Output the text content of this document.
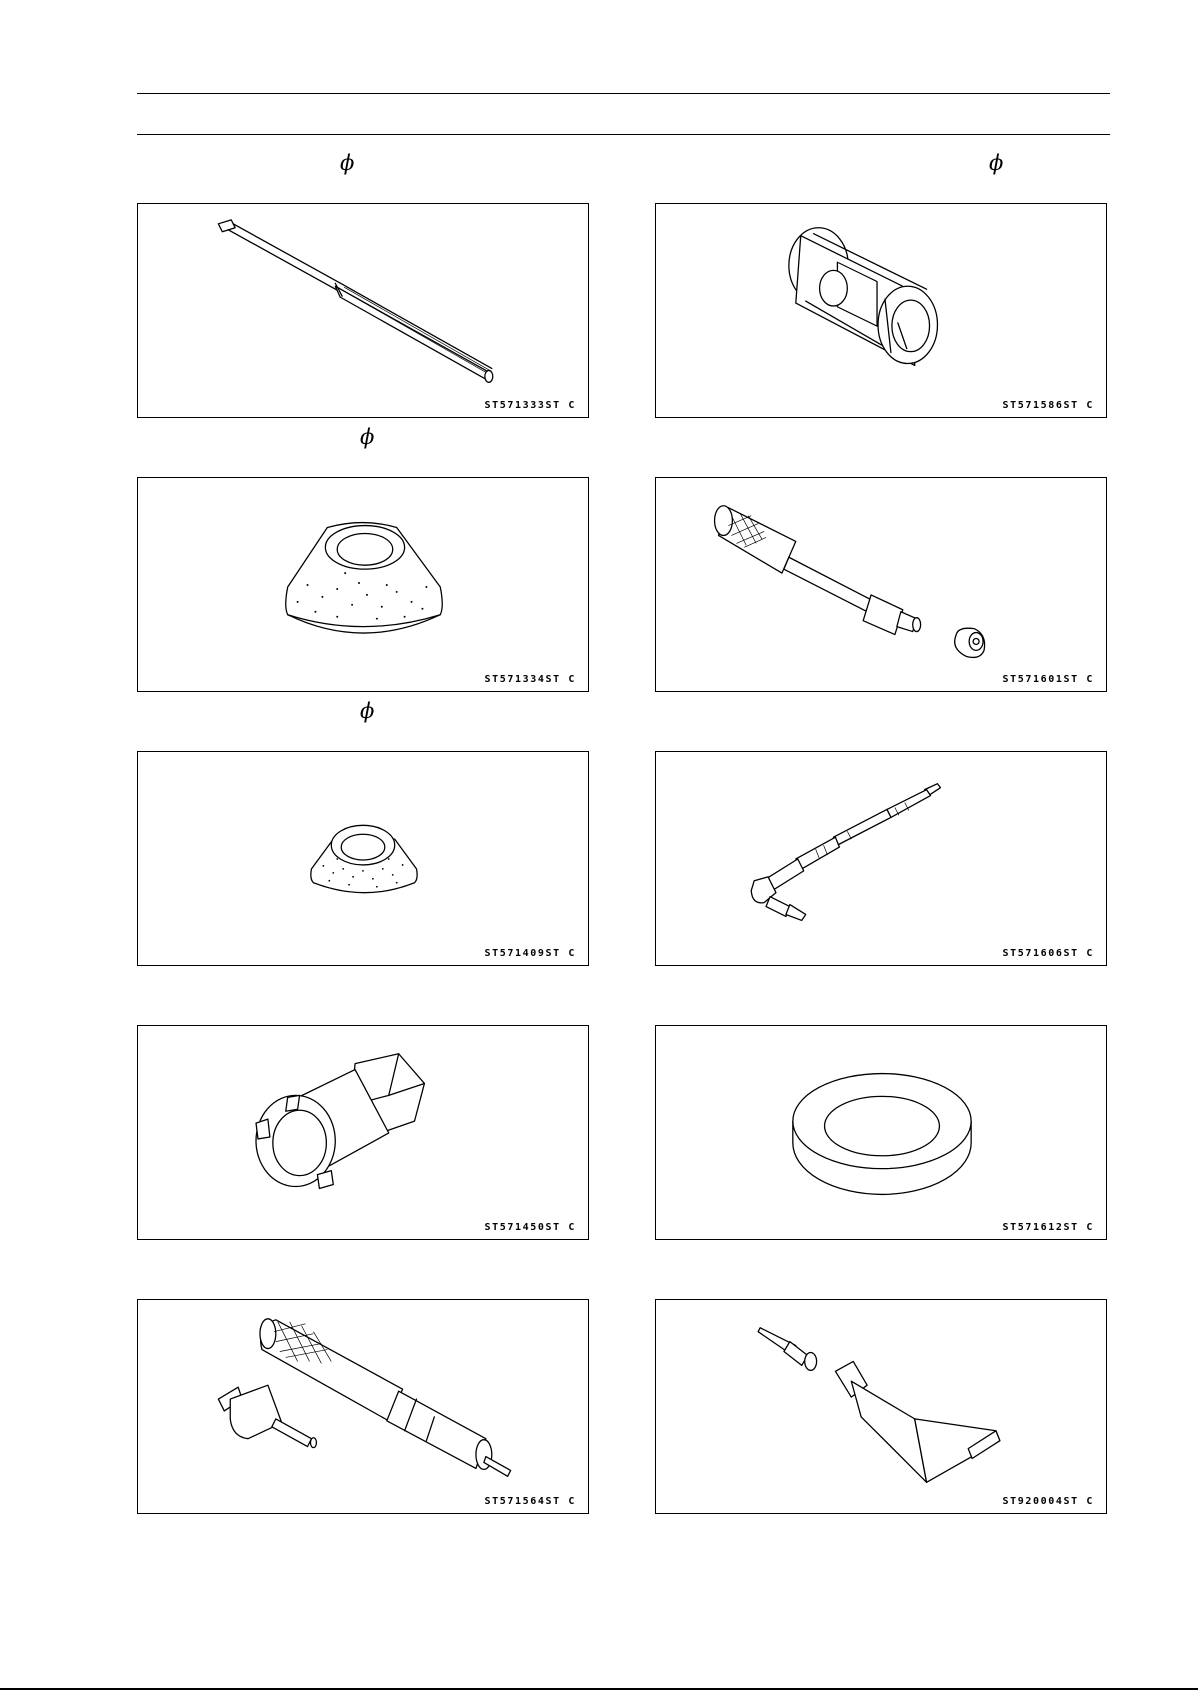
ϕ	ϕ
ϕ
ϕ
ST571333ST C	ST571586ST C
ST571334ST C	ST571601ST C
ST571409ST C	ST571606ST C
ST571450ST C	ST571612ST C
ST571564ST C	ST920004ST C
